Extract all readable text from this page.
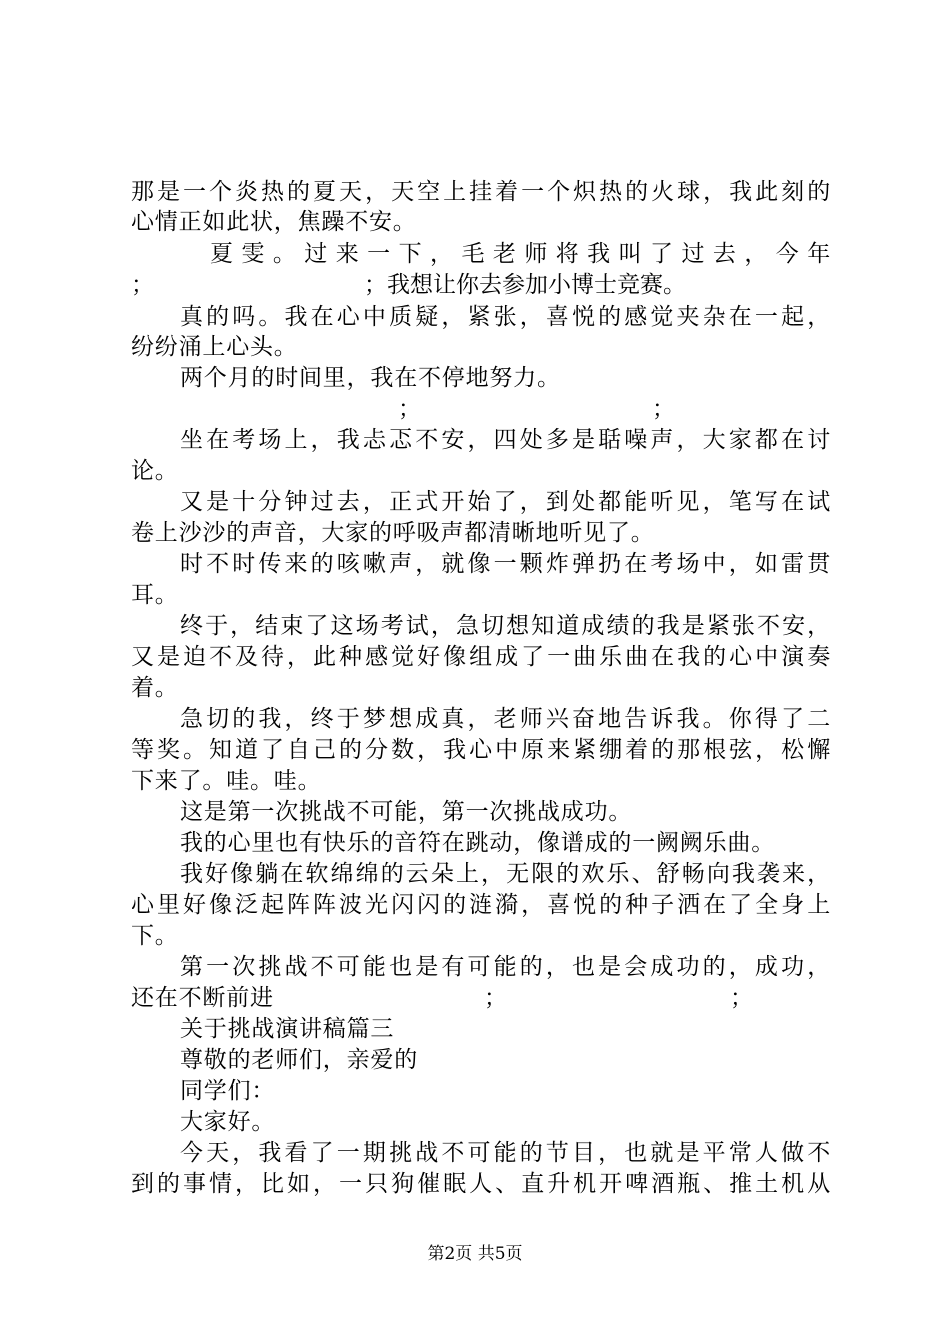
那是一个炎热的夏天，天空上挂着一个炽热的火球，我此刻的
心情正如此状，焦躁不安。
夏雯。过来一下，毛老师将我叫了过去，今年
；	；我想让你去参加小博士竞赛。
真的吗。我在心中质疑，紧张，喜悦的感觉夹杂在一起，
纷纷涌上心头。
两个月的时间里，我在不停地努力。
；	；
坐在考场上，我忐忑不安，四处多是聒噪声，大家都在讨
论。
又是十分钟过去，正式开始了，到处都能听见，笔写在试
卷上沙沙的声音，大家的呼吸声都清晰地听见了。
时不时传来的咳嗽声，就像一颗炸弹扔在考场中，如雷贯
耳。
终于，结束了这场考试，急切想知道成绩的我是紧张不安，
又是迫不及待，此种感觉好像组成了一曲乐曲在我的心中演奏
着。
急切的我，终于梦想成真，老师兴奋地告诉我。你得了二
等奖。知道了自己的分数，我心中原来紧绷着的那根弦，松懈
下来了。哇。哇。
这是第一次挑战不可能，第一次挑战成功。
我的心里也有快乐的音符在跳动，像谱成的一阙阙乐曲。
我好像躺在软绵绵的云朵上，无限的欢乐、舒畅向我袭来，
心里好像泛起阵阵波光闪闪的涟漪，喜悦的种子洒在了全身上
下。
第一次挑战不可能也是有可能的，也是会成功的，成功，
还在不断前进	；	；
关于挑战演讲稿篇三
尊敬的老师们，亲爱的
同学们：
大家好。
今天，我看了一期挑战不可能的节目，也就是平常人做不
到的事情，比如，一只狗催眠人、直升机开啤酒瓶、推土机从
第2页 共5页
